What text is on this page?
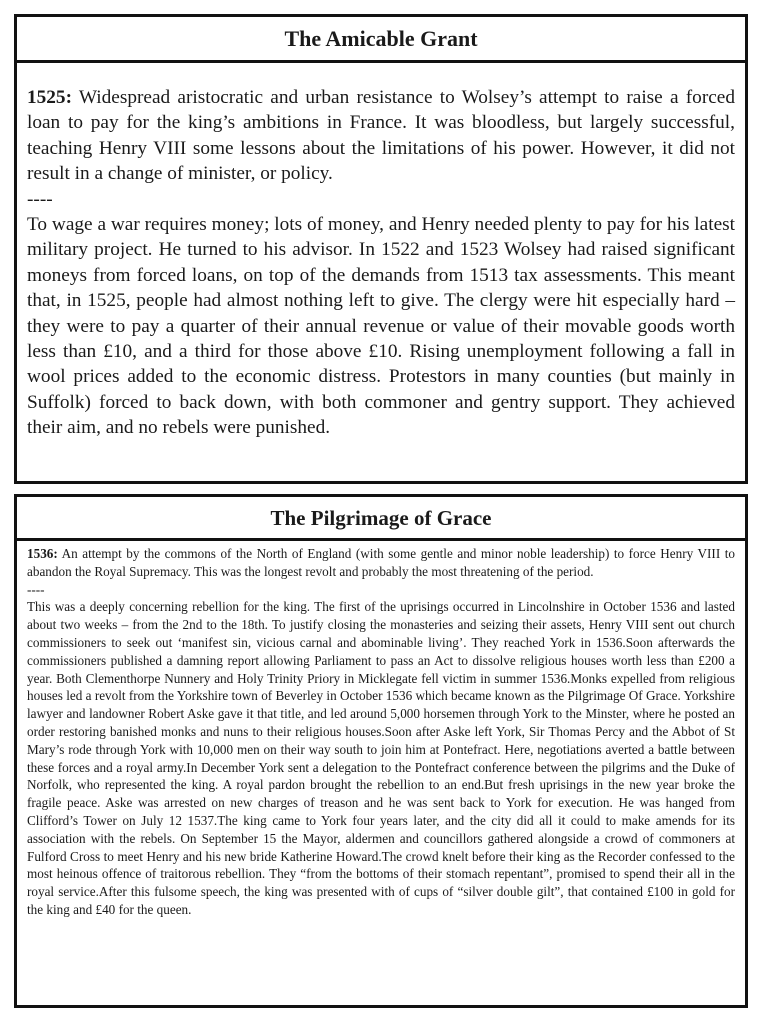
The Amicable Grant

1525: Widespread aristocratic and urban resistance to Wolsey’s attempt to raise a forced loan to pay for the king’s ambitions in France. It was bloodless, but largely successful, teaching Henry VIII some lessons about the limitations of his power. However, it did not result in a change of minister, or policy.

----

To wage a war requires money; lots of money, and Henry needed plenty to pay for his latest military project. He turned to his advisor. In 1522 and 1523 Wolsey had raised significant moneys from forced loans, on top of the demands from 1513 tax assessments. This meant that, in 1525, people had almost nothing left to give. The clergy were hit especially hard – they were to pay a quarter of their annual revenue or value of their movable goods worth less than £10, and a third for those above £10. Rising unemployment following a fall in wool prices added to the economic distress. Protestors in many counties (but mainly in Suffolk) forced to back down, with both commoner and gentry support. They achieved their aim, and no rebels were punished.

The Pilgrimage of Grace

1536: An attempt by the commons of the North of England (with some gentle and minor noble leadership) to force Henry VIII to abandon the Royal Supremacy. This was the longest revolt and probably the most threatening of the period.

----

This was a deeply concerning rebellion for the king. The first of the uprisings occurred in Lincolnshire in October 1536 and lasted about two weeks – from the 2nd to the 18th. To justify closing the monasteries and seizing their assets, Henry VIII sent out church commissioners to seek out ‘manifest sin, vicious carnal and abominable living’. They reached York in 1536.Soon afterwards the commissioners published a damning report allowing Parliament to pass an Act to dissolve religious houses worth less than £200 a year. Both Clementhorpe Nunnery and Holy Trinity Priory in Micklegate fell victim in summer 1536.Monks expelled from religious houses led a revolt from the Yorkshire town of Beverley in October 1536 which became known as the Pilgrimage Of Grace. Yorkshire lawyer and landowner Robert Aske gave it that title, and led around 5,000 horsemen through York to the Minster, where he posted an order restoring banished monks and nuns to their religious houses.Soon after Aske left York, Sir Thomas Percy and the Abbot of St Mary’s rode through York with 10,000 men on their way south to join him at Pontefract. Here, negotiations averted a battle between these forces and a royal army.In December York sent a delegation to the Pontefract conference between the pilgrims and the Duke of Norfolk, who represented the king. A royal pardon brought the rebellion to an end.But fresh uprisings in the new year broke the fragile peace. Aske was arrested on new charges of treason and he was sent back to York for execution. He was hanged from Clifford’s Tower on July 12 1537.The king came to York four years later, and the city did all it could to make amends for its association with the rebels. On September 15 the Mayor, aldermen and councillors gathered alongside a crowd of commoners at Fulford Cross to meet Henry and his new bride Katherine Howard.The crowd knelt before their king as the Recorder confessed to the most heinous offence of traitorous rebellion. They “from the bottoms of their stomach repentant”, promised to spend their all in the royal service.After this fulsome speech, the king was presented with of cups of “silver double gilt”, that contained £100 in gold for the king and £40 for the queen.
